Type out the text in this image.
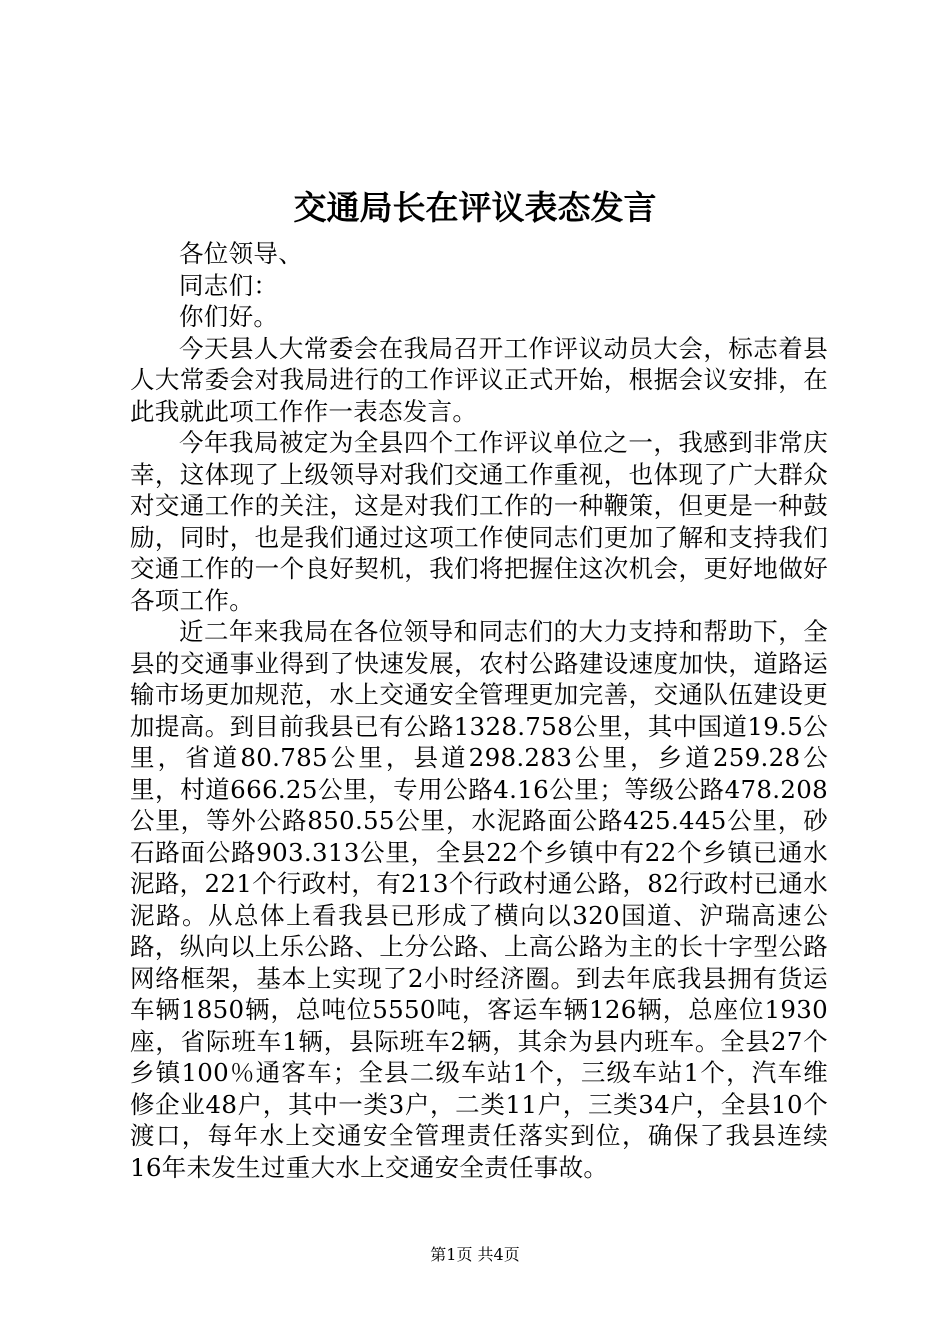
交通局长在评议表态发言

各位领导、

同志们：

你们好。

今天县人大常委会在我局召开工作评议动员大会，标志着县人大常委会对我局进行的工作评议正式开始，根据会议安排，在此我就此项工作作一表态发言。

今年我局被定为全县四个工作评议单位之一，我感到非常庆幸，这体现了上级领导对我们交通工作重视，也体现了广大群众对交通工作的关注，这是对我们工作的一种鞭策，但更是一种鼓励，同时，也是我们通过这项工作使同志们更加了解和支持我们交通工作的一个良好契机，我们将把握住这次机会，更好地做好各项工作。

近二年来我局在各位领导和同志们的大力支持和帮助下，全县的交通事业得到了快速发展，农村公路建设速度加快，道路运输市场更加规范，水上交通安全管理更加完善，交通队伍建设更加提高。到目前我县已有公路1328.758公里，其中国道19.5公里，省道80.785公里，县道298.283公里，乡道259.28公里，村道666.25公里，专用公路4.16公里；等级公路478.208公里，等外公路850.55公里，水泥路面公路425.445公里，砂石路面公路903.313公里，全县22个乡镇中有22个乡镇已通水泥路，221个行政村，有213个行政村通公路，82行政村已通水泥路。从总体上看我县已形成了横向以320国道、沪瑞高速公路，纵向以上乐公路、上分公路、上高公路为主的长十字型公路网络框架，基本上实现了2小时经济圈。到去年底我县拥有货运车辆1850辆，总吨位5550吨，客运车辆126辆，总座位1930座，省际班车1辆，县际班车2辆，其余为县内班车。全县27个乡镇100％通客车；全县二级车站1个，三级车站1个，汽车维修企业48户，其中一类3户，二类11户，三类34户，全县10个渡口，每年水上交通安全管理责任落实到位，确保了我县连续16年未发生过重大水上交通安全责任事故。

第1页 共4页
